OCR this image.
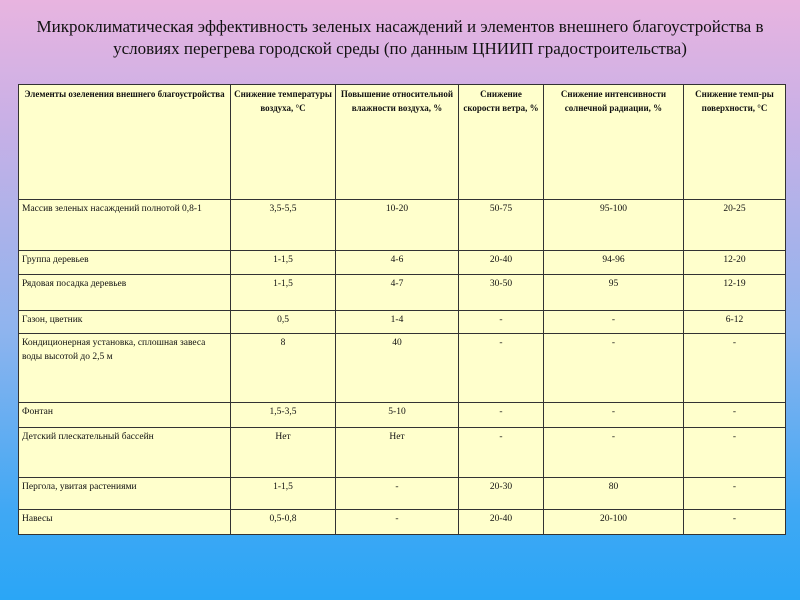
Микроклиматическая эффективность зеленых насаждений и элементов внешнего благоустройства в условиях перегрева городской среды (по данным ЦНИИП градостроительства)
Элементы озеленения внешнего благоустройства	Снижение температуры воздуха, °С	Повышение относительной влажности воздуха, %	Снижение скорости ветра, %	Снижение интенсивности солнечной радиации, %	Снижение темп-ры поверхности, °С
Массив зеленых насаждений полнотой 0,8-1	3,5-5,5	10-20	50-75	95-100	20-25
Группа деревьев	1-1,5	4-6	20-40	94-96	12-20
Рядовая посадка деревьев	1-1,5	4-7	30-50	95	12-19
Газон, цветник	0,5	1-4	-	-	6-12
Кондиционерная установка, сплошная завеса воды высотой до 2,5 м	8	40	-	-	-
Фонтан	1,5-3,5	5-10	-	-	-
Детский плескательный бассейн	Нет	Нет	-	-	-
Пергола, увитая растениями	1-1,5	-	20-30	80	-
Навесы	0,5-0,8	-	20-40	20-100	-
